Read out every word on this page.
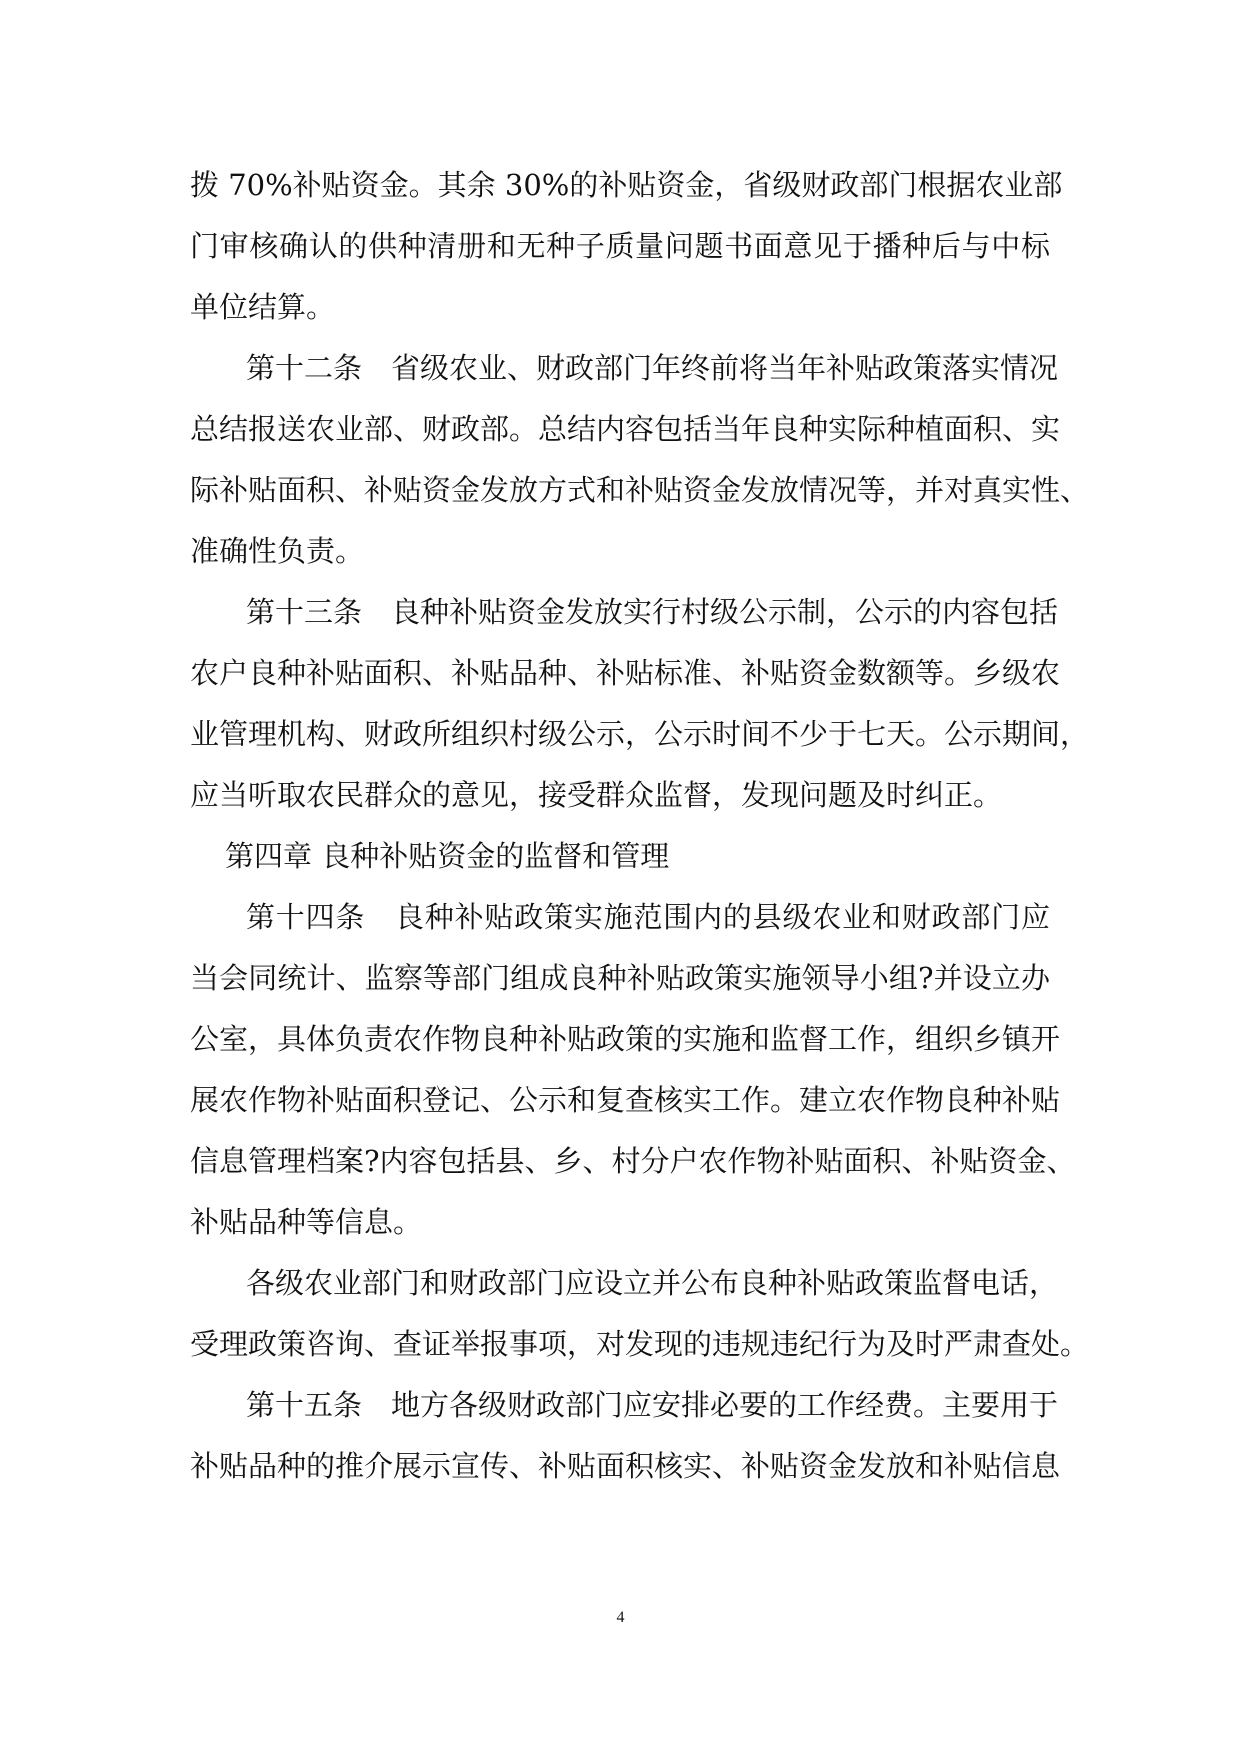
拨 70%补贴资金。其余 30%的补贴资金，省级财政部门根据农业部
门审核确认的供种清册和无种子质量问题书面意见于播种后与中标
单位结算。
第十二条　省级农业、财政部门年终前将当年补贴政策落实情况
总结报送农业部、财政部。总结内容包括当年良种实际种植面积、实
际补贴面积、补贴资金发放方式和补贴资金发放情况等，并对真实性、
准确性负责。
第十三条　良种补贴资金发放实行村级公示制，公示的内容包括
农户良种补贴面积、补贴品种、补贴标准、补贴资金数额等。乡级农
业管理机构、财政所组织村级公示，公示时间不少于七天。公示期间，
应当听取农民群众的意见，接受群众监督，发现问题及时纠正。
第四章 良种补贴资金的监督和管理
第十四条　良种补贴政策实施范围内的县级农业和财政部门应
当会同统计、监察等部门组成良种补贴政策实施领导小组?并设立办
公室，具体负责农作物良种补贴政策的实施和监督工作，组织乡镇开
展农作物补贴面积登记、公示和复查核实工作。建立农作物良种补贴
信息管理档案?内容包括县、乡、村分户农作物补贴面积、补贴资金、
补贴品种等信息。
各级农业部门和财政部门应设立并公布良种补贴政策监督电话，
受理政策咨询、查证举报事项，对发现的违规违纪行为及时严肃查处。
第十五条　地方各级财政部门应安排必要的工作经费。主要用于
补贴品种的推介展示宣传、补贴面积核实、补贴资金发放和补贴信息
4
